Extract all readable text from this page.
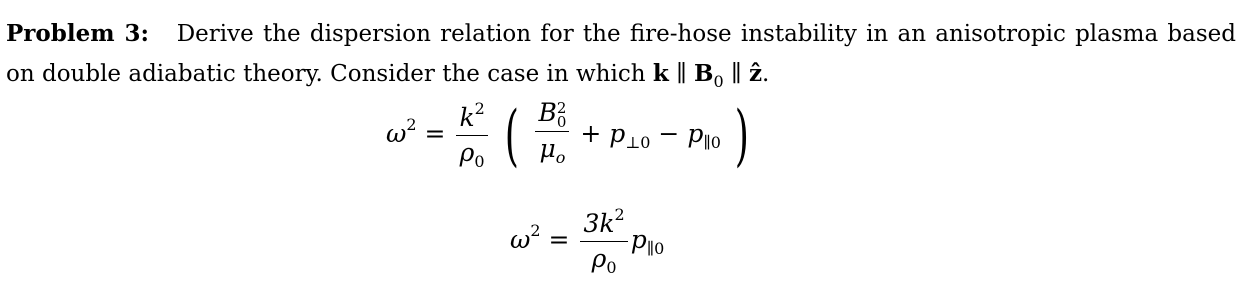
Problem 3: Derive the dispersion relation for the fire-hose instability in an anisotropic plasma based on double adiabatic theory. Consider the case in which k ∥ $B_0$ ∥ ẑ.
$\omega^2 = \frac{k^2}{\rho_0}$ ( B 2
0
$\mu_o + p_{\perp 0} - p_{\parallel 0}$ )
$\omega^2 = \frac{3k^2}{\rho_0} p_{\parallel 0}$
